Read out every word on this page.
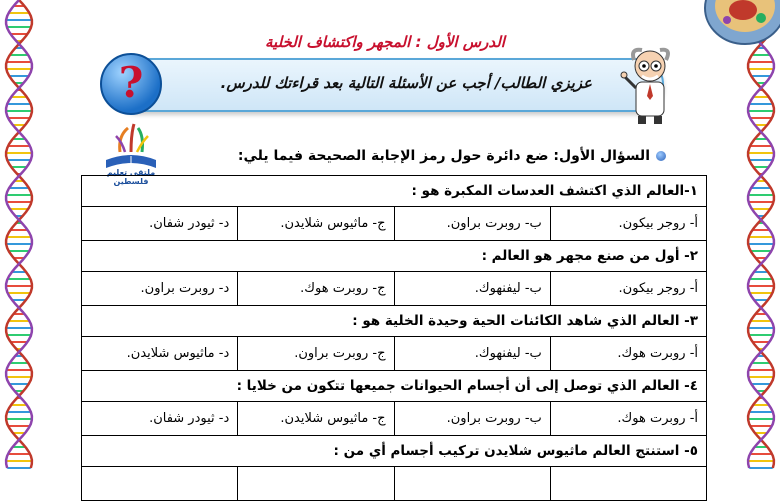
الدرس الأول : المجهر واكتشاف الخلية
عزيزي الطالب/ أجب عن الأسئلة التالية بعد قراءتك للدرس.
?
ملتقى تعليم فلسطين
السؤال الأول: ضع دائرة حول رمز الإجابة الصحيحة فيما يلي:
١-العالم الذي اكتشف العدسات المكبرة هو :			
أ- روجر بيكون.	ب- روبرت براون.	ج- ماثيوس شلايدن.	د- ثيودر شفان.
٢- أول من صنع مجهر هو العالم :			
أ- روجر بيكون.	ب- ليفنهوك.	ج- روبرت هوك.	د- روبرت براون.
٣- العالم الذي شاهد الكائنات الحية وحيدة الخلية هو :			
أ- روبرت هوك.	ب- ليفنهوك.	ج- روبرت براون.	د- ماثيوس شلايدن.
٤- العالم الذي توصل إلى أن أجسام الحيوانات جميعها تتكون من خلايا :			
أ- روبرت هوك.	ب- روبرت براون.	ج- ماثيوس شلايدن.	د- ثيودر شفان.
٥- استنتج العالم ماثيوس شلايدن تركيب أجسام أي من :			
